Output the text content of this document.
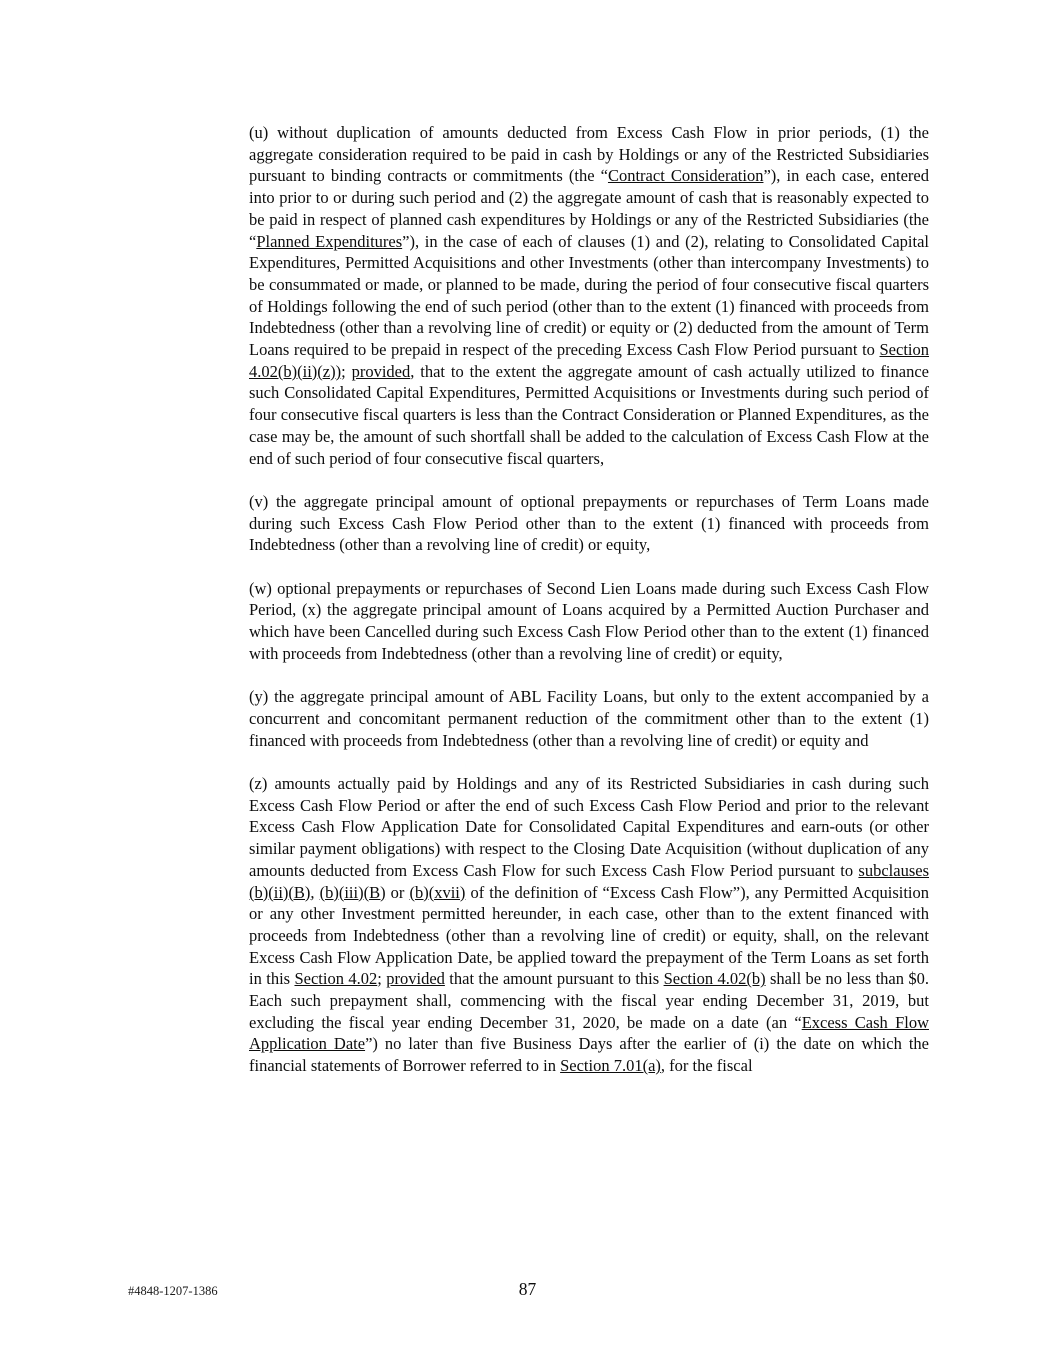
(u) without duplication of amounts deducted from Excess Cash Flow in prior periods, (1) the aggregate consideration required to be paid in cash by Holdings or any of the Restricted Subsidiaries pursuant to binding contracts or commitments (the “Contract Consideration”), in each case, entered into prior to or during such period and (2) the aggregate amount of cash that is reasonably expected to be paid in respect of planned cash expenditures by Holdings or any of the Restricted Subsidiaries (the “Planned Expenditures”), in the case of each of clauses (1) and (2), relating to Consolidated Capital Expenditures, Permitted Acquisitions and other Investments (other than intercompany Investments) to be consummated or made, or planned to be made, during the period of four consecutive fiscal quarters of Holdings following the end of such period (other than to the extent (1) financed with proceeds from Indebtedness (other than a revolving line of credit) or equity or (2) deducted from the amount of Term Loans required to be prepaid in respect of the preceding Excess Cash Flow Period pursuant to Section 4.02(b)(ii)(z)); provided, that to the extent the aggregate amount of cash actually utilized to finance such Consolidated Capital Expenditures, Permitted Acquisitions or Investments during such period of four consecutive fiscal quarters is less than the Contract Consideration or Planned Expenditures, as the case may be, the amount of such shortfall shall be added to the calculation of Excess Cash Flow at the end of such period of four consecutive fiscal quarters,

(v) the aggregate principal amount of optional prepayments or repurchases of Term Loans made during such Excess Cash Flow Period other than to the extent (1) financed with proceeds from Indebtedness (other than a revolving line of credit) or equity,

(w) optional prepayments or repurchases of Second Lien Loans made during such Excess Cash Flow Period, (x) the aggregate principal amount of Loans acquired by a Permitted Auction Purchaser and which have been Cancelled during such Excess Cash Flow Period other than to the extent (1) financed with proceeds from Indebtedness (other than a revolving line of credit) or equity,

(y) the aggregate principal amount of ABL Facility Loans, but only to the extent accompanied by a concurrent and concomitant permanent reduction of the commitment other than to the extent (1) financed with proceeds from Indebtedness (other than a revolving line of credit) or equity and

(z) amounts actually paid by Holdings and any of its Restricted Subsidiaries in cash during such Excess Cash Flow Period or after the end of such Excess Cash Flow Period and prior to the relevant Excess Cash Flow Application Date for Consolidated Capital Expenditures and earn-outs (or other similar payment obligations) with respect to the Closing Date Acquisition (without duplication of any amounts deducted from Excess Cash Flow for such Excess Cash Flow Period pursuant to subclauses (b)(ii)(B), (b)(iii)(B) or (b)(xvii) of the definition of “Excess Cash Flow”), any Permitted Acquisition or any other Investment permitted hereunder, in each case, other than to the extent financed with proceeds from Indebtedness (other than a revolving line of credit) or equity, shall, on the relevant Excess Cash Flow Application Date, be applied toward the prepayment of the Term Loans as set forth in this Section 4.02; provided that the amount pursuant to this Section 4.02(b) shall be no less than $0. Each such prepayment shall, commencing with the fiscal year ending December 31, 2019, but excluding the fiscal year ending December 31, 2020, be made on a date (an “Excess Cash Flow Application Date”) no later than five Business Days after the earlier of (i) the date on which the financial statements of Borrower referred to in Section 7.01(a), for the fiscal

#4848-1207-1386	87
